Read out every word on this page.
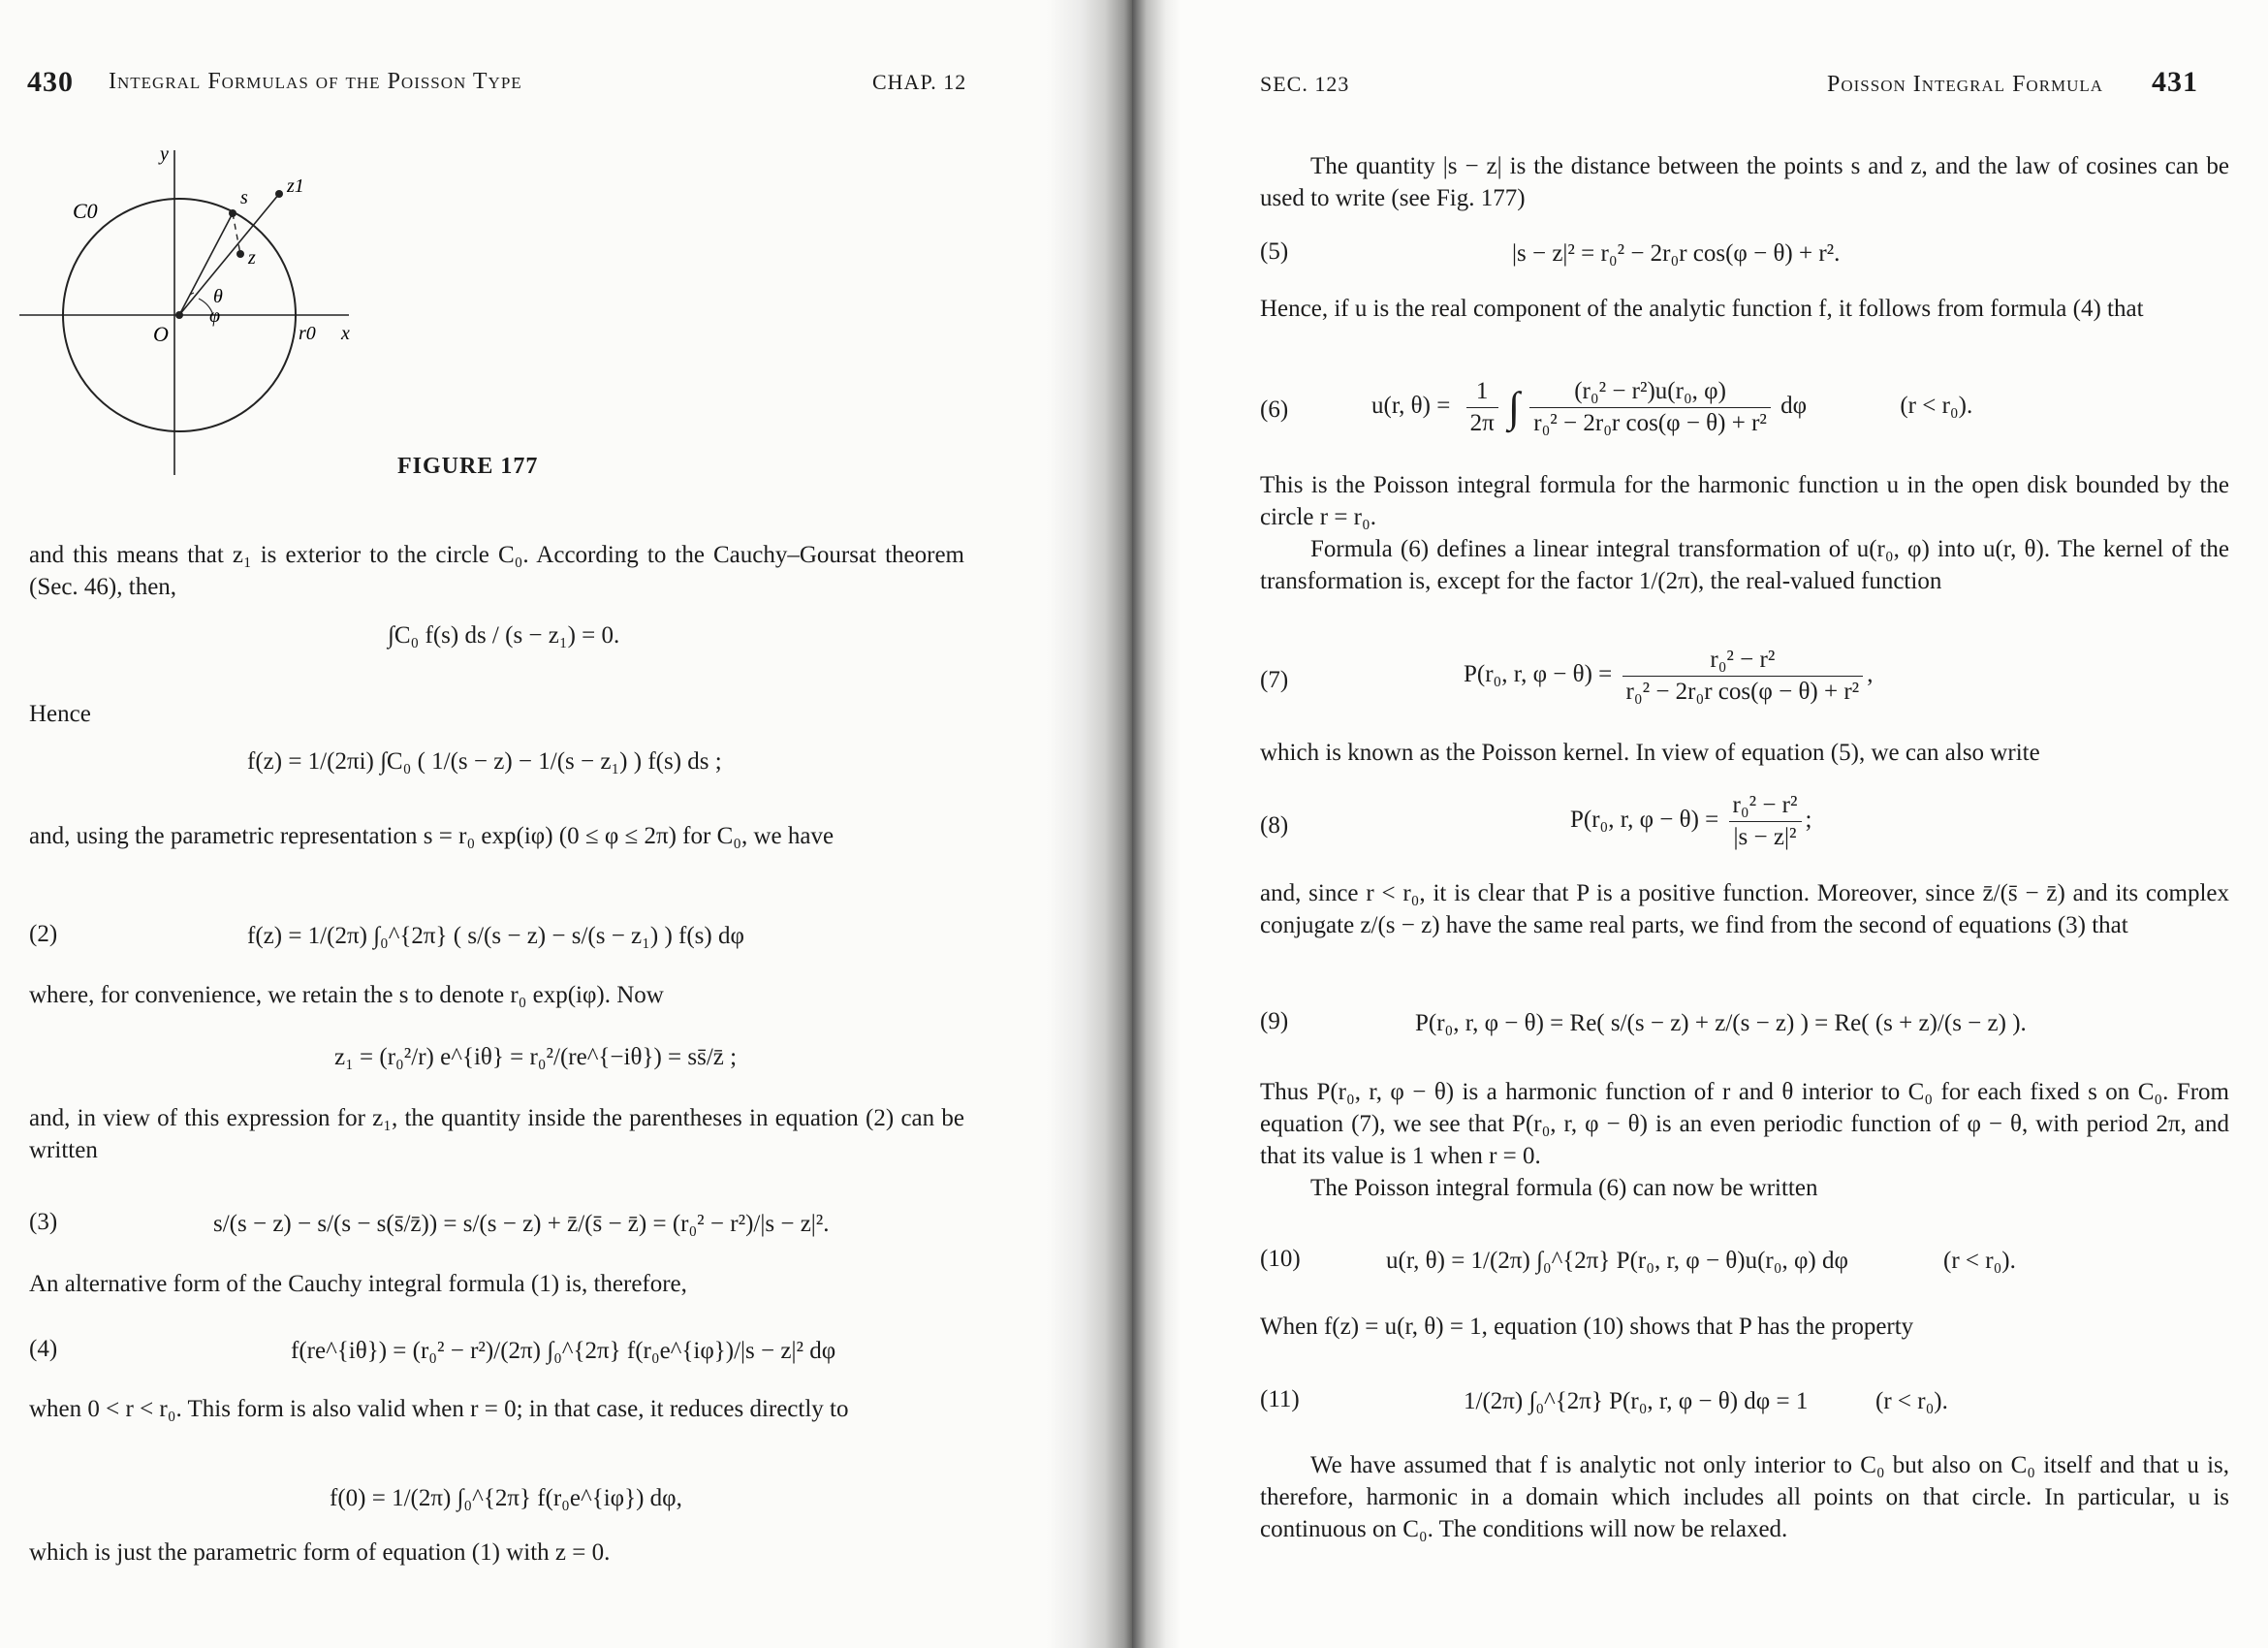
430 Integral Formulas of the Poisson Type	CHAP. 12
y
x
C0
O	r0
s
z
z1
θ
φ
FIGURE 177
and this means that z₁ is exterior to the circle C₀. According to the Cauchy–Goursat theorem (Sec. 46), then,
∫C₀ f(s) ds / (s − z₁) = 0.
Hence
f(z) = 1/(2πi) ∫C₀ ( 1/(s − z) − 1/(s − z₁) ) f(s) ds ;
and, using the parametric representation s = r₀ exp(iφ) (0 ≤ φ ≤ 2π) for C₀, we have
(2)	f(z) = 1/(2π) ∫₀^{2π} ( s/(s − z) − s/(s − z₁) ) f(s) dφ
where, for convenience, we retain the s to denote r₀ exp(iφ). Now
z₁ = (r₀²/r) e^{iθ} = r₀²/(re^{−iθ}) = ss̄/z̄ ;
and, in view of this expression for z₁, the quantity inside the parentheses in equation (2) can be written
(3)	s/(s − z) − s/(s − s(s̄/z̄)) = s/(s − z) + z̄/(s̄ − z̄) = (r₀² − r²)/|s − z|².
An alternative form of the Cauchy integral formula (1) is, therefore,
(4)	f(re^{iθ}) = (r₀² − r²)/(2π) ∫₀^{2π} f(r₀e^{iφ})/|s − z|² dφ
when 0 < r < r₀. This form is also valid when r = 0; in that case, it reduces directly to
f(0) = 1/(2π) ∫₀^{2π} f(r₀e^{iφ}) dφ,
which is just the parametric form of equation (1) with z = 0.
SEC. 123	Poisson Integral Formula 431
The quantity |s − z| is the distance between the points s and z, and the law of cosines can be used to write (see Fig. 177)
(5)	|s − z|² = r₀² − 2r₀r cos(φ − θ) + r².
Hence, if u is the real component of the analytic function f, it follows from formula (4) that
(6)	u(r, $\theta) = \frac{1}{2\pi}$ ∫ $\frac{\text{(r₀² − r²)u(r₀, φ)}}{\text{r₀² − 2r₀r cos(φ − θ) + r²}}$ dφ	(r < r₀).
This is the Poisson integral formula for the harmonic function u in the open disk bounded by the circle r = r₀.
Formula (6) defines a linear integral transformation of u(r₀, φ) into u(r, θ). The kernel of the transformation is, except for the factor 1/(2π), the real-valued function
(7)	P(r₀, r, $\varphi - \theta) = \frac{\text{r₀² − r²}}{\text{r₀² − 2r₀r cos(φ − θ) + r²}}$ ,
which is known as the Poisson kernel. In view of equation (5), we can also write
(8)	P(r₀, r, $\varphi - \theta) = \frac{\text{r₀² − r²}}{\text{|s − z|²}}$ ;
and, since r < r₀, it is clear that P is a positive function. Moreover, since z̄/(s̄ − z̄) and its complex conjugate z/(s − z) have the same real parts, we find from the second of equations (3) that
(9)	P(r₀, r, φ − θ) = Re( s/(s − z) + z/(s − z) ) = Re( (s + z)/(s − z) ).
Thus P(r₀, r, φ − θ) is a harmonic function of r and θ interior to C₀ for each fixed s on C₀. From equation (7), we see that P(r₀, r, φ − θ) is an even periodic function of φ − θ, with period 2π, and that its value is 1 when r = 0.
The Poisson integral formula (6) can now be written
(10)	u(r, θ) = 1/(2π) ∫₀^{2π} P(r₀, r, φ − θ)u(r₀, φ) dφ	(r < r₀).
When f(z) = u(r, θ) = 1, equation (10) shows that P has the property
(11)	1/(2π) ∫₀^{2π} P(r₀, r, φ − θ) dφ = 1	(r < r₀).
We have assumed that f is analytic not only interior to C₀ but also on C₀ itself and that u is, therefore, harmonic in a domain which includes all points on that circle. In particular, u is continuous on C₀. The conditions will now be relaxed.
